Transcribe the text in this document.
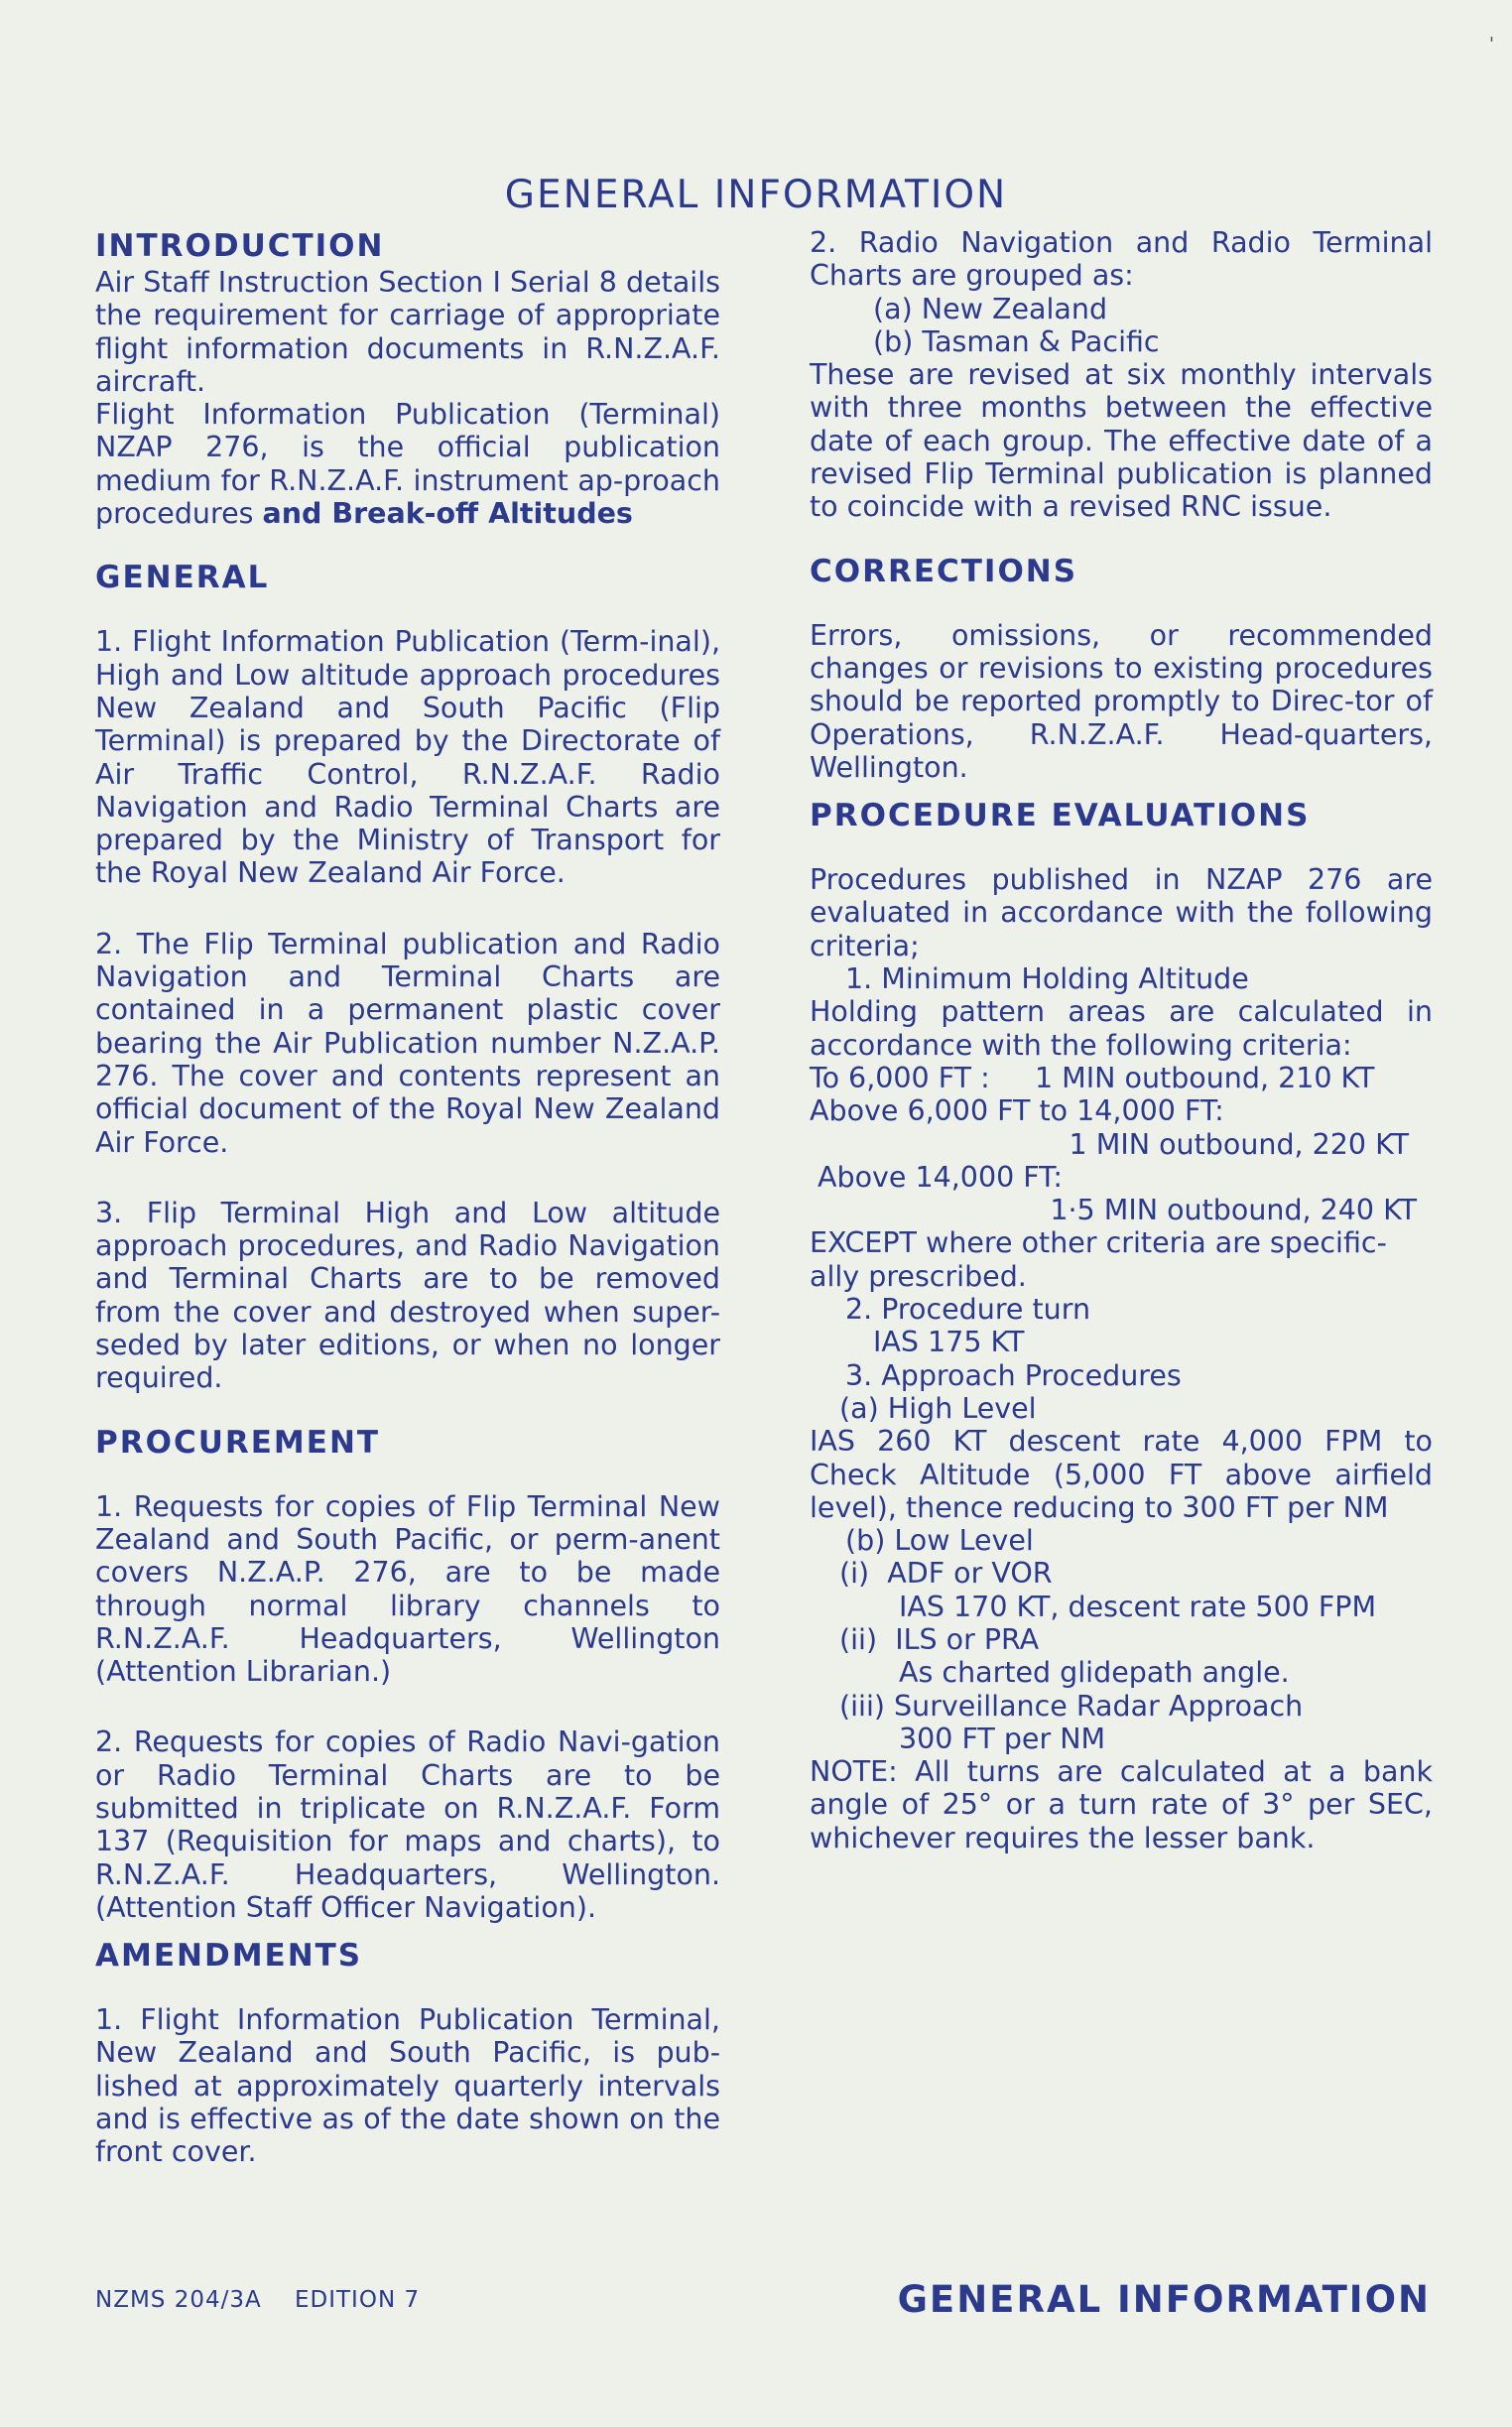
'
GENERAL INFORMATION
INTRODUCTION

Air Staff Instruction Section I Serial 8 details the requirement for carriage of appropriate flight information documents in R.N.Z.A.F. aircraft.

Flight Information Publication (Terminal) NZAP 276, is the official publication medium for R.N.Z.A.F. instrument ap-proach procedures and Break-off Altitudes

GENERAL

1. Flight Information Publication (Term-inal), High and Low altitude approach procedures New Zealand and South Pacific (Flip Terminal) is prepared by the Directorate of Air Traffic Control, R.N.Z.A.F. Radio Navigation and Radio Terminal Charts are prepared by the Ministry of Transport for the Royal New Zealand Air Force.

2. The Flip Terminal publication and Radio Navigation and Terminal Charts are contained in a permanent plastic cover bearing the Air Publication number N.Z.A.P. 276. The cover and contents represent an official document of the Royal New Zealand Air Force.

3. Flip Terminal High and Low altitude approach procedures, and Radio Navigation and Terminal Charts are to be removed from the cover and destroyed when super-seded by later editions, or when no longer required.

PROCUREMENT

1. Requests for copies of Flip Terminal New Zealand and South Pacific, or perm-anent covers N.Z.A.P. 276, are to be made through normal library channels to R.N.Z.A.F. Headquarters, Wellington (Attention Librarian.)

2. Requests for copies of Radio Navi-gation or Radio Terminal Charts are to be submitted in triplicate on R.N.Z.A.F. Form 137 (Requisition for maps and charts), to R.N.Z.A.F. Headquarters, Wellington. (Attention Staff Officer Navigation).

AMENDMENTS

1. Flight Information Publication Terminal, New Zealand and South Pacific, is pub-lished at approximately quarterly intervals and is effective as of the date shown on the front cover.

2. Radio Navigation and Radio Terminal Charts are grouped as:

(a) New Zealand

(b) Tasman & Pacific

These are revised at six monthly intervals with three months between the effective date of each group. The effective date of a revised Flip Terminal publication is planned to coincide with a revised RNC issue.

CORRECTIONS

Errors, omissions, or recommended changes or revisions to existing procedures should be reported promptly to Direc-tor of Operations, R.N.Z.A.F. Head-quarters, Wellington.

PROCEDURE EVALUATIONS

Procedures published in NZAP 276 are evaluated in accordance with the following criteria;

1. Minimum Holding Altitude

Holding pattern areas are calculated in accordance with the following criteria:

To 6,000 FT :     1 MIN outbound, 210 KT

Above 6,000 FT to 14,000 FT:

1 MIN outbound, 220 KT

Above 14,000 FT:

1·5 MIN outbound, 240 KT

EXCEPT where other criteria are specific-ally prescribed.

2. Procedure turn

IAS 175 KT

3. Approach Procedures

(a) High Level

IAS 260 KT descent rate 4,000 FPM to Check Altitude (5,000 FT above airfield level), thence reducing to 300 FT per NM

(b) Low Level

(i)  ADF or VOR

IAS 170 KT, descent rate 500 FPM

(ii)  ILS or PRA

As charted glidepath angle.

(iii) Surveillance Radar Approach

300 FT per NM

NOTE: All turns are calculated at a bank angle of 25° or a turn rate of 3° per SEC, whichever requires the lesser bank.

NZMS 204/3A    EDITION 7	GENERAL INFORMATION
